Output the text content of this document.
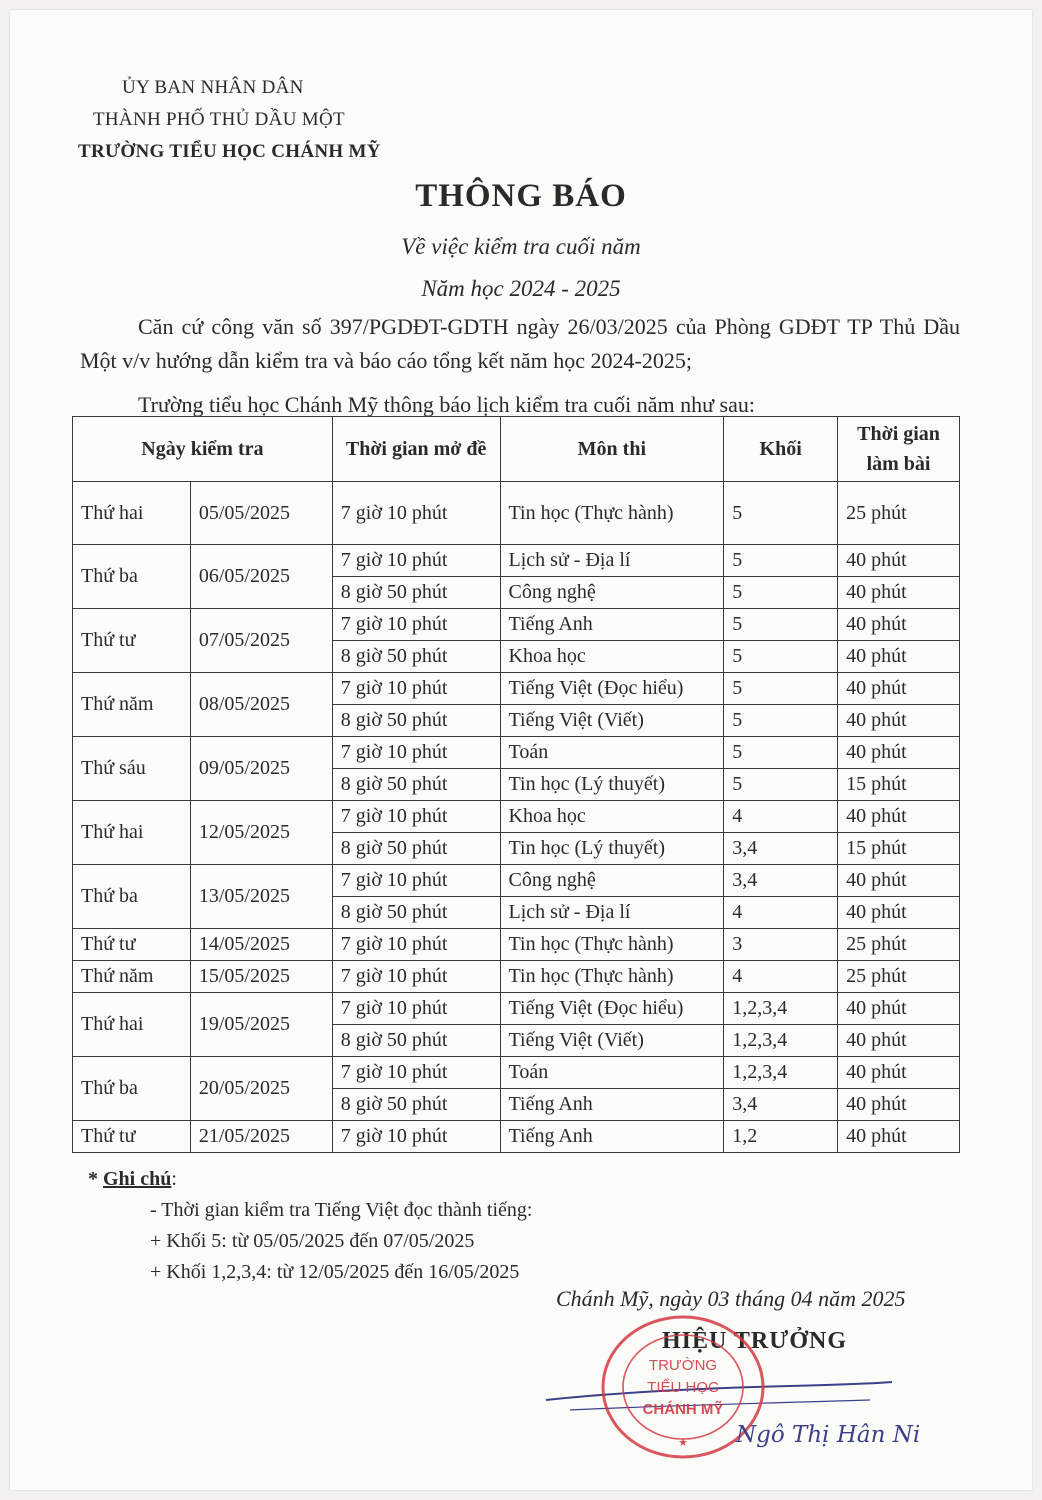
ỦY BAN NHÂN DÂN
THÀNH PHỐ THỦ DẦU MỘT
TRƯỜNG TIỂU HỌC CHÁNH MỸ
THÔNG BÁO
Về việc kiểm tra cuối năm
Năm học 2024 - 2025
Căn cứ công văn số 397/PGDĐT-GDTH ngày 26/03/2025 của Phòng GDĐT TP Thủ Dầu Một v/v hướng dẫn kiểm tra và báo cáo tổng kết năm học 2024-2025;
Trường tiểu học Chánh Mỹ thông báo lịch kiểm tra cuối năm như sau:
Ngày kiểm tra		Thời gian mở đề	Môn thi	Khối	Thời gian làm bài
Thứ hai	05/05/2025	7 giờ 10 phút	Tin học (Thực hành)	5	25 phút
Thứ ba	06/05/2025	7 giờ 10 phút	Lịch sử - Địa lí	5	40 phút
		8 giờ 50 phút	Công nghệ	5	40 phút
Thứ tư	07/05/2025	7 giờ 10 phút	Tiếng Anh	5	40 phút
		8 giờ 50 phút	Khoa học	5	40 phút
Thứ năm	08/05/2025	7 giờ 10 phút	Tiếng Việt (Đọc hiểu)	5	40 phút
		8 giờ 50 phút	Tiếng Việt (Viết)	5	40 phút
Thứ sáu	09/05/2025	7 giờ 10 phút	Toán	5	40 phút
		8 giờ 50 phút	Tin học (Lý thuyết)	5	15 phút
Thứ hai	12/05/2025	7 giờ 10 phút	Khoa học	4	40 phút
		8 giờ 50 phút	Tin học (Lý thuyết)	3,4	15 phút
Thứ ba	13/05/2025	7 giờ 10 phút	Công nghệ	3,4	40 phút
		8 giờ 50 phút	Lịch sử - Địa lí	4	40 phút
Thứ tư	14/05/2025	7 giờ 10 phút	Tin học (Thực hành)	3	25 phút
Thứ năm	15/05/2025	7 giờ 10 phút	Tin học (Thực hành)	4	25 phút
Thứ hai	19/05/2025	7 giờ 10 phút	Tiếng Việt (Đọc hiểu)	1,2,3,4	40 phút
		8 giờ 50 phút	Tiếng Việt (Viết)	1,2,3,4	40 phút
Thứ ba	20/05/2025	7 giờ 10 phút	Toán	1,2,3,4	40 phút
		8 giờ 50 phút	Tiếng Anh	3,4	40 phút
Thứ tư	21/05/2025	7 giờ 10 phút	Tiếng Anh	1,2	40 phút
* Ghi chú:
- Thời gian kiểm tra Tiếng Việt đọc thành tiếng:
+ Khối 5: từ 05/05/2025 đến 07/05/2025
+ Khối 1,2,3,4: từ 12/05/2025 đến 16/05/2025
Chánh Mỹ, ngày 03 tháng 04 năm 2025
HIỆU TRƯỞNG
TRƯỜNG
TIỂU HỌC
CHÁNH MỸ
★ Ngô Thị Hân Ni
